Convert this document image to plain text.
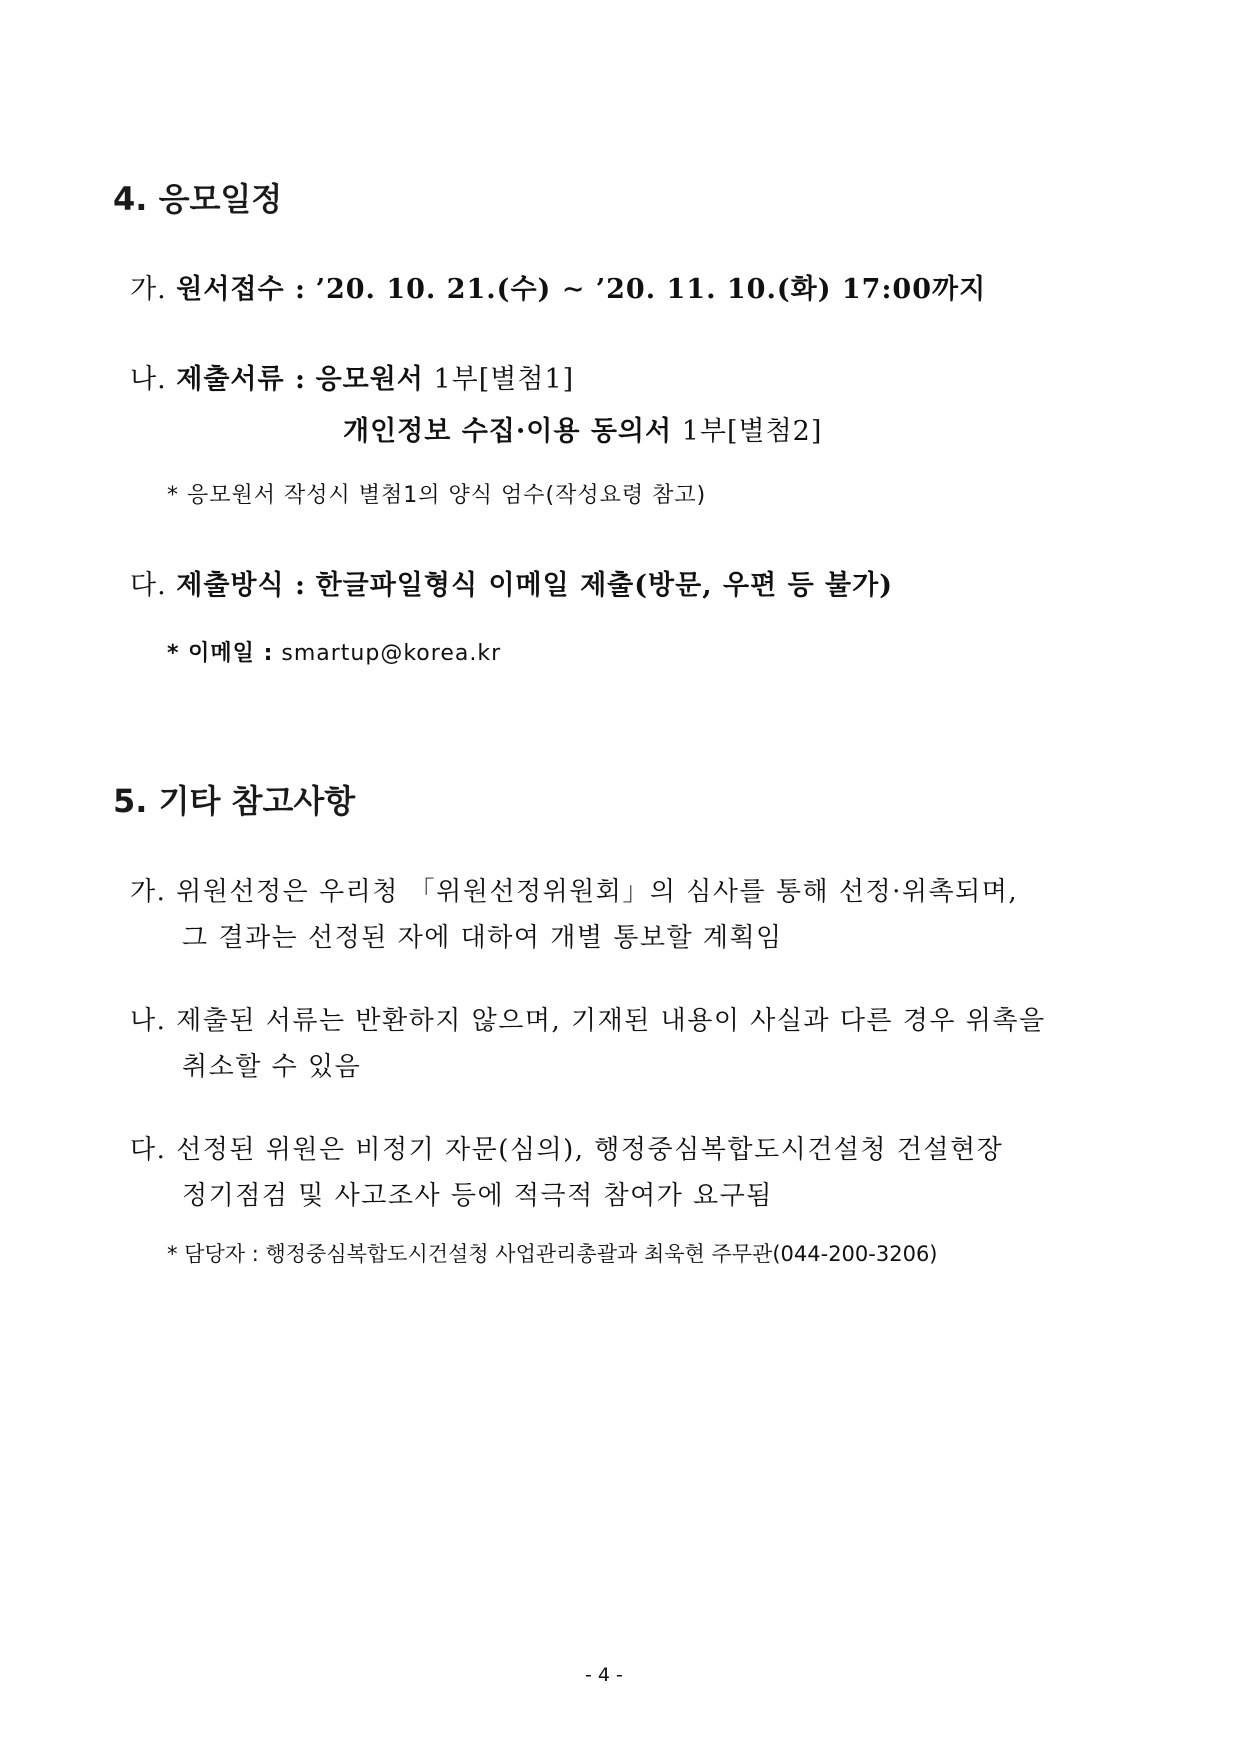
4. 응모일정
가. 원서접수 : ’20. 10. 21.(수) ∼ ’20. 11. 10.(화) 17:00까지
나. 제출서류 : 응모원서 1부[별첨1]
개인정보 수집·이용 동의서 1부[별첨2]
* 응모원서 작성시 별첨1의 양식 엄수(작성요령 참고)
다. 제출방식 : 한글파일형식 이메일 제출(방문, 우편 등 불가)
* 이메일 : smartup@korea.kr
5. 기타 참고사항
가. 위원선정은 우리청 「위원선정위원회」의 심사를 통해 선정·위촉되며,
그 결과는 선정된 자에 대하여 개별 통보할 계획임
나. 제출된 서류는 반환하지 않으며, 기재된 내용이 사실과 다른 경우 위촉을
취소할 수 있음
다. 선정된 위원은 비정기 자문(심의), 행정중심복합도시건설청 건설현장
정기점검 및 사고조사 등에 적극적 참여가 요구됨
* 담당자 : 행정중심복합도시건설청 사업관리총괄과 최욱현 주무관(044-200-3206)
- 4 -
